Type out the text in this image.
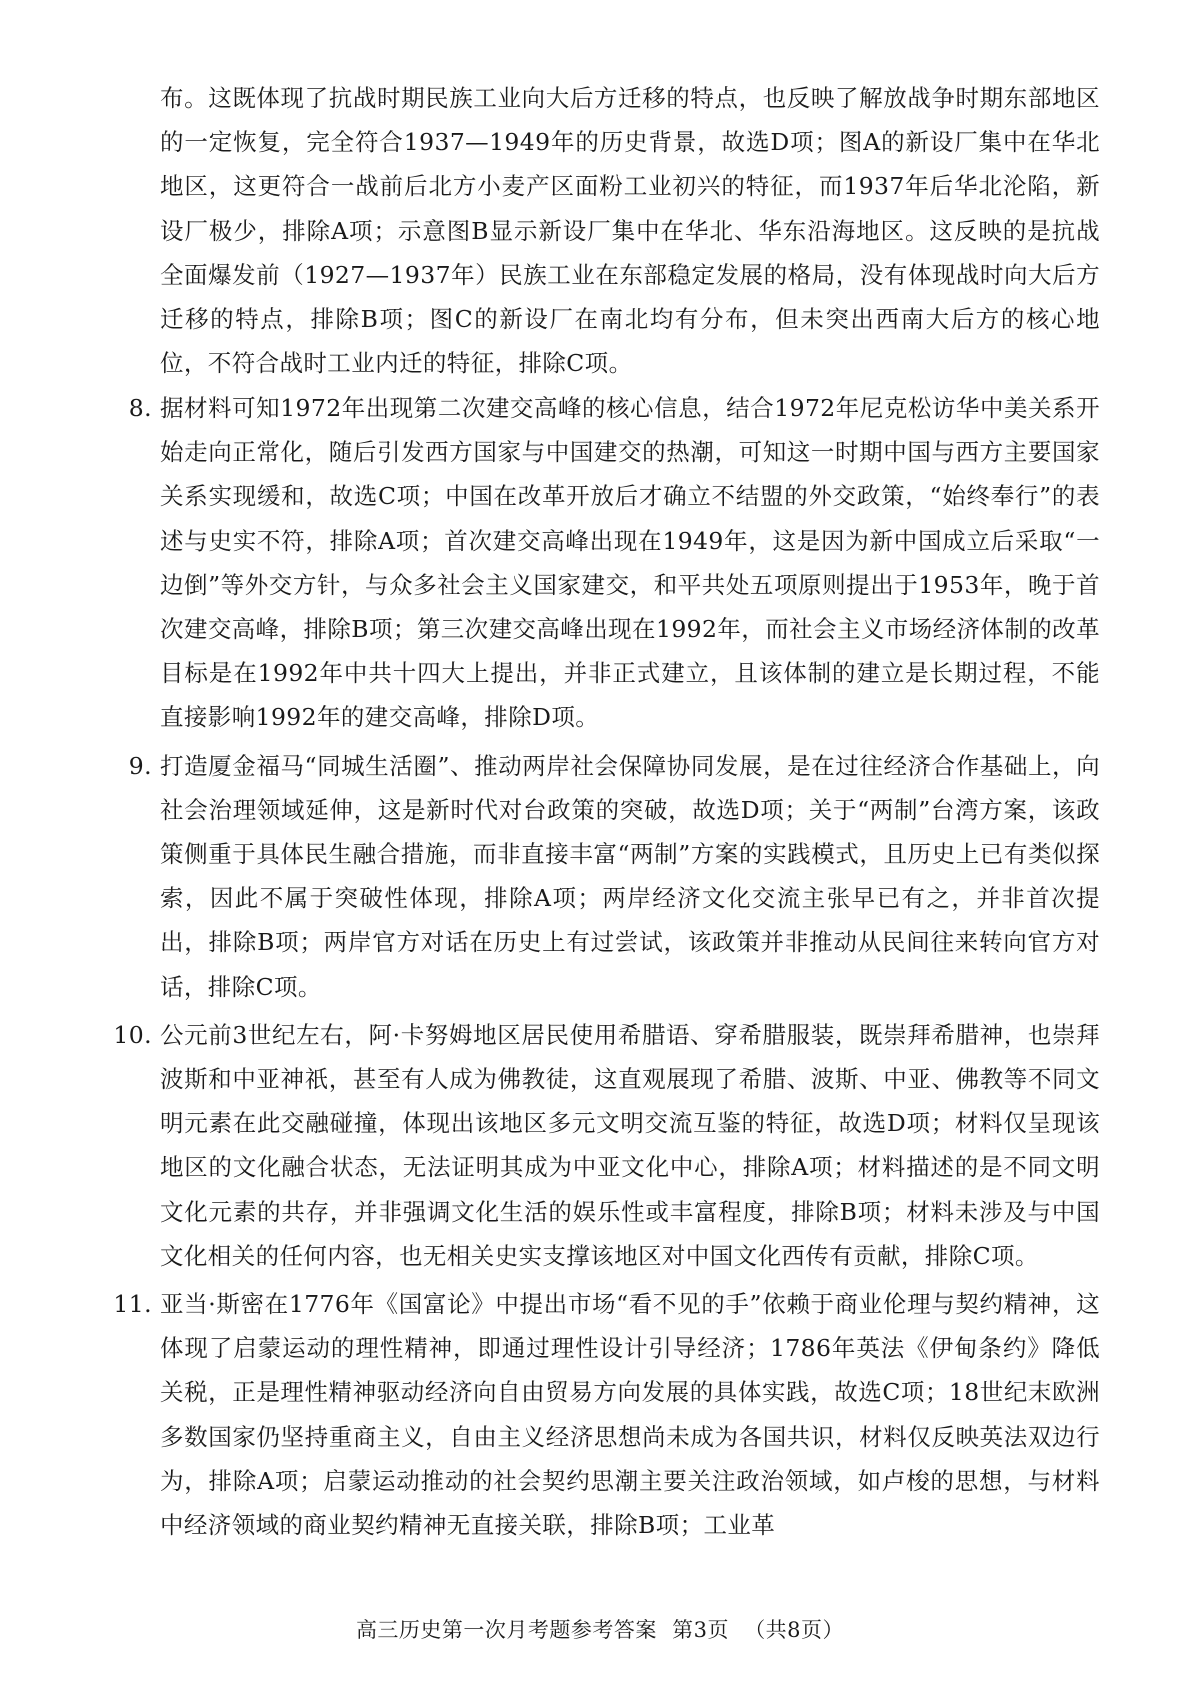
布。这既体现了抗战时期民族工业向大后方迁移的特点，也反映了解放战争时期东部地区的一定恢复，完全符合1937—1949年的历史背景，故选D项；图A的新设厂集中在华北地区，这更符合一战前后北方小麦产区面粉工业初兴的特征，而1937年后华北沦陷，新设厂极少，排除A项；示意图B显示新设厂集中在华北、华东沿海地区。这反映的是抗战全面爆发前（1927—1937年）民族工业在东部稳定发展的格局，没有体现战时向大后方迁移的特点，排除B项；图C的新设厂在南北均有分布，但未突出西南大后方的核心地位，不符合战时工业内迁的特征，排除C项。
8. 据材料可知1972年出现第二次建交高峰的核心信息，结合1972年尼克松访华中美关系开始走向正常化，随后引发西方国家与中国建交的热潮，可知这一时期中国与西方主要国家关系实现缓和，故选C项；中国在改革开放后才确立不结盟的外交政策，“始终奉行”的表述与史实不符，排除A项；首次建交高峰出现在1949年，这是因为新中国成立后采取“一边倒”等外交方针，与众多社会主义国家建交，和平共处五项原则提出于1953年，晚于首次建交高峰，排除B项；第三次建交高峰出现在1992年，而社会主义市场经济体制的改革目标是在1992年中共十四大上提出，并非正式建立，且该体制的建立是长期过程，不能直接影响1992年的建交高峰，排除D项。
9. 打造厦金福马“同城生活圈”、推动两岸社会保障协同发展，是在过往经济合作基础上，向社会治理领域延伸，这是新时代对台政策的突破，故选D项；关于“两制”台湾方案，该政策侧重于具体民生融合措施，而非直接丰富“两制”方案的实践模式，且历史上已有类似探索，因此不属于突破性体现，排除A项；两岸经济文化交流主张早已有之，并非首次提出，排除B项；两岸官方对话在历史上有过尝试，该政策并非推动从民间往来转向官方对话，排除C项。
10. 公元前3世纪左右，阿·卡努姆地区居民使用希腊语、穿希腊服装，既崇拜希腊神，也崇拜波斯和中亚神祇，甚至有人成为佛教徒，这直观展现了希腊、波斯、中亚、佛教等不同文明元素在此交融碰撞，体现出该地区多元文明交流互鉴的特征，故选D项；材料仅呈现该地区的文化融合状态，无法证明其成为中亚文化中心，排除A项；材料描述的是不同文明文化元素的共存，并非强调文化生活的娱乐性或丰富程度，排除B项；材料未涉及与中国文化相关的任何内容，也无相关史实支撑该地区对中国文化西传有贡献，排除C项。
11. 亚当·斯密在1776年《国富论》中提出市场“看不见的手”依赖于商业伦理与契约精神，这体现了启蒙运动的理性精神，即通过理性设计引导经济；1786年英法《伊甸条约》降低关税，正是理性精神驱动经济向自由贸易方向发展的具体实践，故选C项；18世纪末欧洲多数国家仍坚持重商主义，自由主义经济思想尚未成为各国共识，材料仅反映英法双边行为，排除A项；启蒙运动推动的社会契约思潮主要关注政治领域，如卢梭的思想，与材料中经济领域的商业契约精神无直接关联，排除B项；工业革
高三历史第一次月考题参考答案 第3页 （共8页）
